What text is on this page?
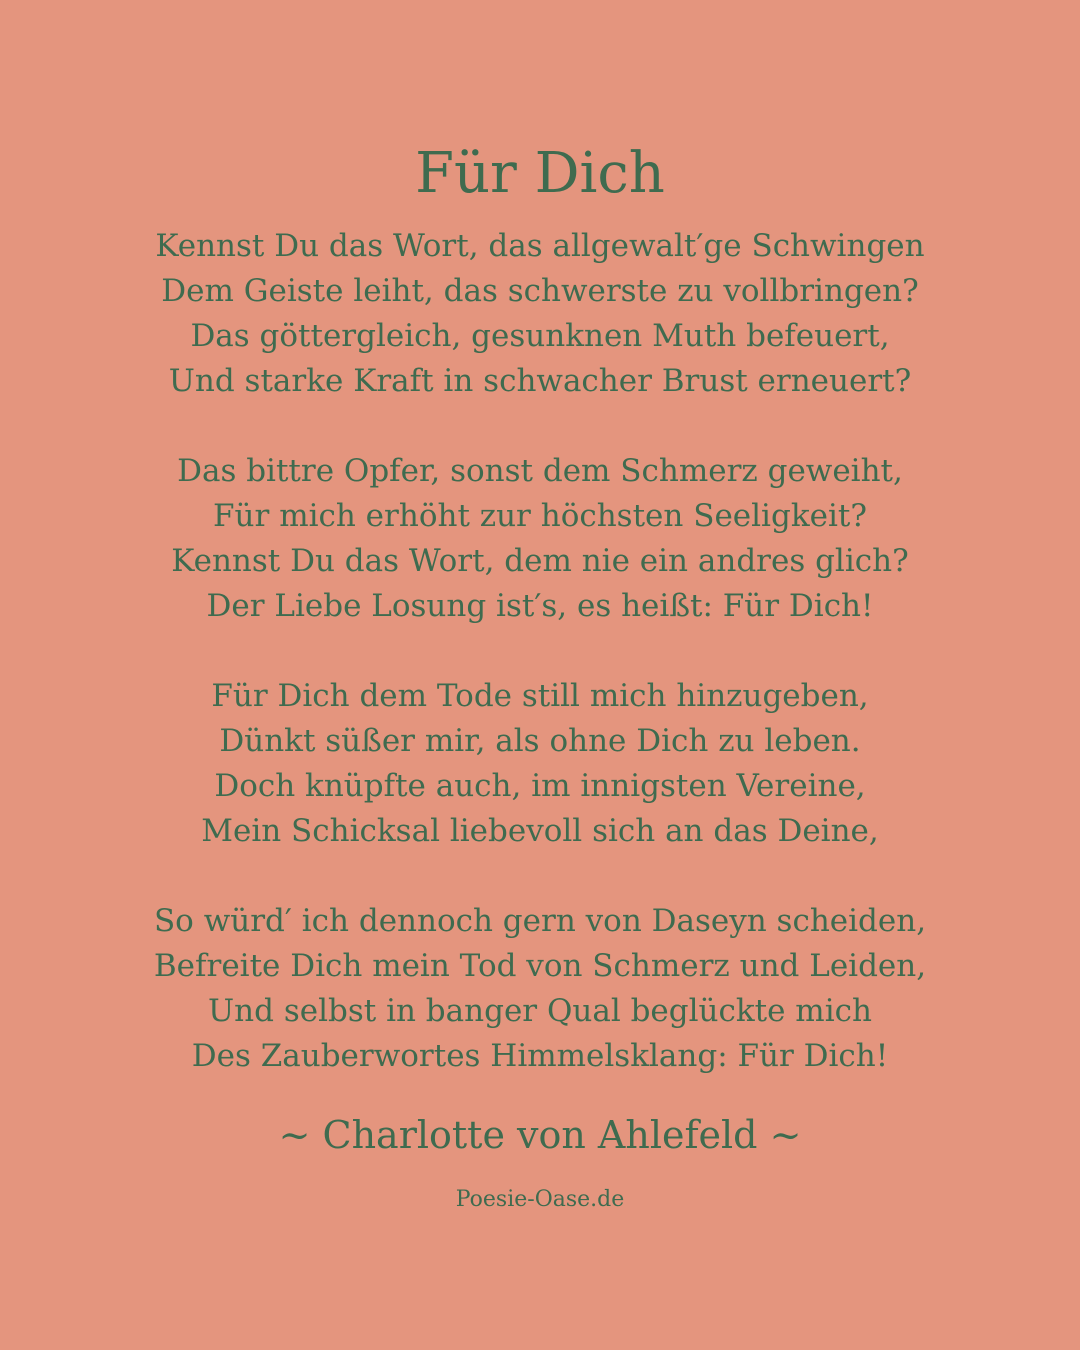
Für Dich
Kennst Du das Wort, das allgewalt′ge Schwingen
Dem Geiste leiht, das schwerste zu vollbringen?
Das göttergleich, gesunknen Muth befeuert,
Und starke Kraft in schwacher Brust erneuert?
Das bittre Opfer, sonst dem Schmerz geweiht,
Für mich erhöht zur höchsten Seeligkeit?
Kennst Du das Wort, dem nie ein andres glich?
Der Liebe Losung ist′s, es heißt: Für Dich!
Für Dich dem Tode still mich hinzugeben,
Dünkt süßer mir, als ohne Dich zu leben.
Doch knüpfte auch, im innigsten Vereine,
Mein Schicksal liebevoll sich an das Deine,
So würd′ ich dennoch gern von Daseyn scheiden,
Befreite Dich mein Tod von Schmerz und Leiden,
Und selbst in banger Qual beglückte mich
Des Zauberwortes Himmelsklang: Für Dich!
~ Charlotte von Ahlefeld ~
Poesie-Oase.de
